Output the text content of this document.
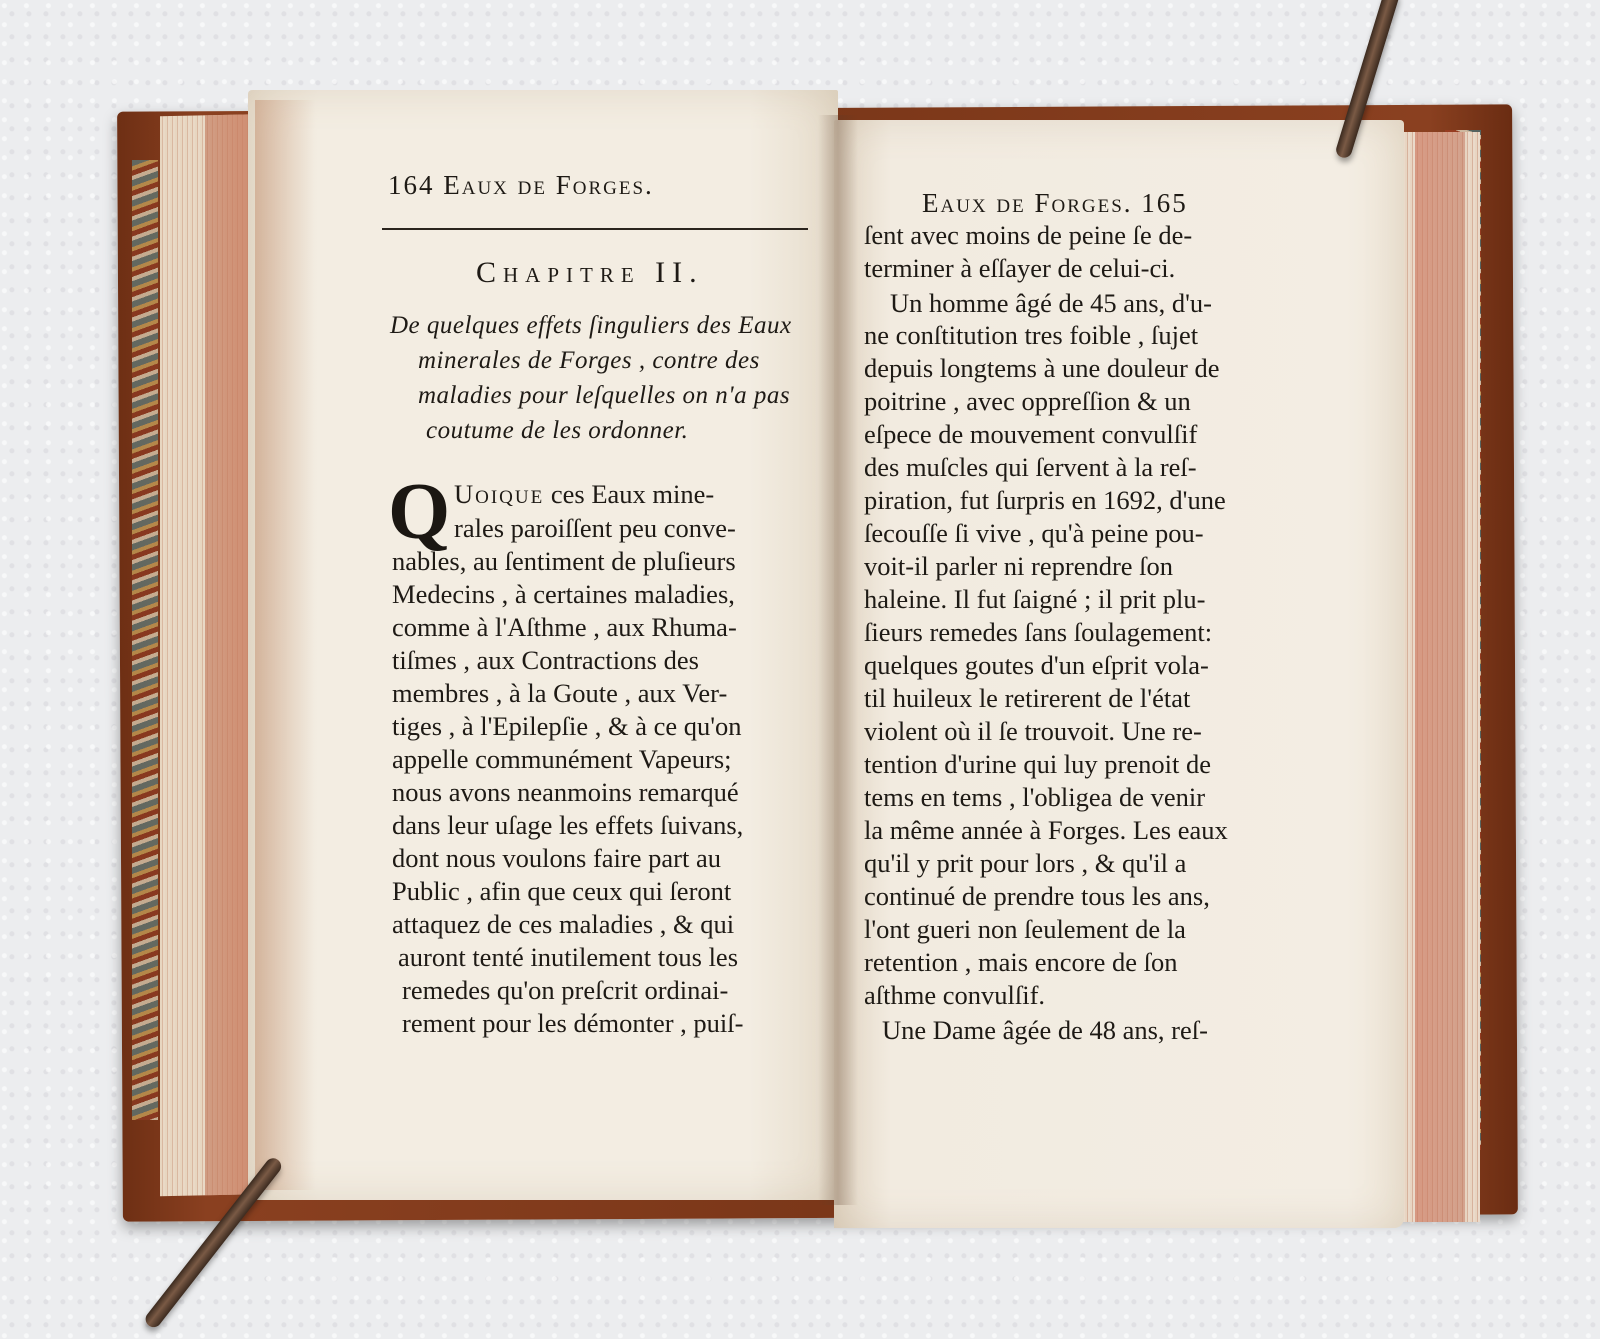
164 Eaux de Forges.
Chapitre II.
De quelques effets ſinguliers des Eaux
minerales de Forges , contre des
maladies pour leſquelles on n'a pas
coutume de les ordonner.
Q Uoique ces Eaux mine-
rales paroiſſent peu conve-
nables, au ſentiment de pluſieurs
Medecins , à certaines maladies,
comme à l'Aſthme , aux Rhuma-
tiſmes , aux Contractions des
membres , à la Goute , aux Ver-
tiges , à l'Epilepſie , & à ce qu'on
appelle communément Vapeurs;
nous avons neanmoins remarqué
dans leur uſage les effets ſuivans,
dont nous voulons faire part au
Public , afin que ceux qui ſeront
attaquez de ces maladies , & qui
auront tenté inutilement tous les
remedes qu'on preſcrit ordinai-
rement pour les démonter , puiſ-
Eaux de Forges. 165
ſent avec moins de peine ſe de-
terminer à eſſayer de celui-ci.
Un homme âgé de 45 ans, d'u-
ne conſtitution tres foible , ſujet
depuis longtems à une douleur de
poitrine , avec oppreſſion & un
eſpece de mouvement convulſif
des muſcles qui ſervent à la reſ-
piration, fut ſurpris en 1692, d'une
ſecouſſe ſi vive , qu'à peine pou-
voit-il parler ni reprendre ſon
haleine. Il fut ſaigné ; il prit plu-
ſieurs remedes ſans ſoulagement:
quelques goutes d'un eſprit vola-
til huileux le retirerent de l'état
violent où il ſe trouvoit. Une re-
tention d'urine qui luy prenoit de
tems en tems , l'obligea de venir
la même année à Forges. Les eaux
qu'il y prit pour lors , & qu'il a
continué de prendre tous les ans,
l'ont gueri non ſeulement de la
retention , mais encore de ſon
aſthme convulſif.
Une Dame âgée de 48 ans, reſ-
